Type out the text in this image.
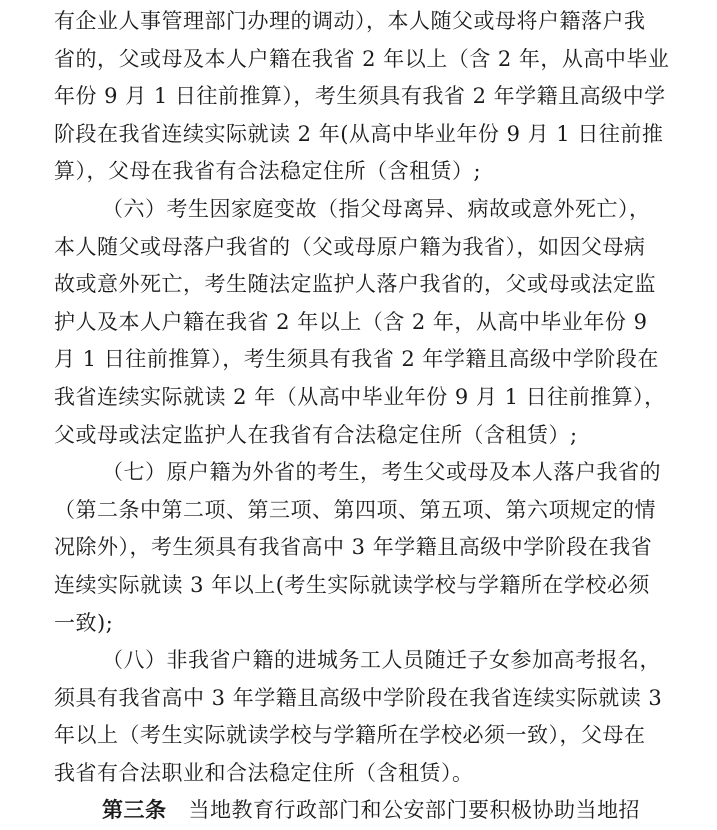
有企业人事管理部门办理的调动），本人随父或母将户籍落户我
省的，父或母及本人户籍在我省 2 年以上（含 2 年，从高中毕业
年份 9 月 1 日往前推算），考生须具有我省 2 年学籍且高级中学
阶段在我省连续实际就读 2 年(从高中毕业年份 9 月 1 日往前推
算），父母在我省有合法稳定住所（含租赁）;
（六）考生因家庭变故（指父母离异、病故或意外死亡），
本人随父或母落户我省的（父或母原户籍为我省），如因父母病
故或意外死亡，考生随法定监护人落户我省的，父或母或法定监
护人及本人户籍在我省 2 年以上（含 2 年，从高中毕业年份 9
月 1 日往前推算），考生须具有我省 2 年学籍且高级中学阶段在
我省连续实际就读 2 年（从高中毕业年份 9 月 1 日往前推算），
父或母或法定监护人在我省有合法稳定住所（含租赁）;
（七）原户籍为外省的考生，考生父或母及本人落户我省的
（第二条中第二项、第三项、第四项、第五项、第六项规定的情
况除外），考生须具有我省高中 3 年学籍且高级中学阶段在我省
连续实际就读 3 年以上(考生实际就读学校与学籍所在学校必须
一致);
（八）非我省户籍的进城务工人员随迁子女参加高考报名，
须具有我省高中 3 年学籍且高级中学阶段在我省连续实际就读 3
年以上（考生实际就读学校与学籍所在学校必须一致），父母在
我省有合法职业和合法稳定住所（含租赁）。
第三条 当地教育行政部门和公安部门要积极协助当地招
